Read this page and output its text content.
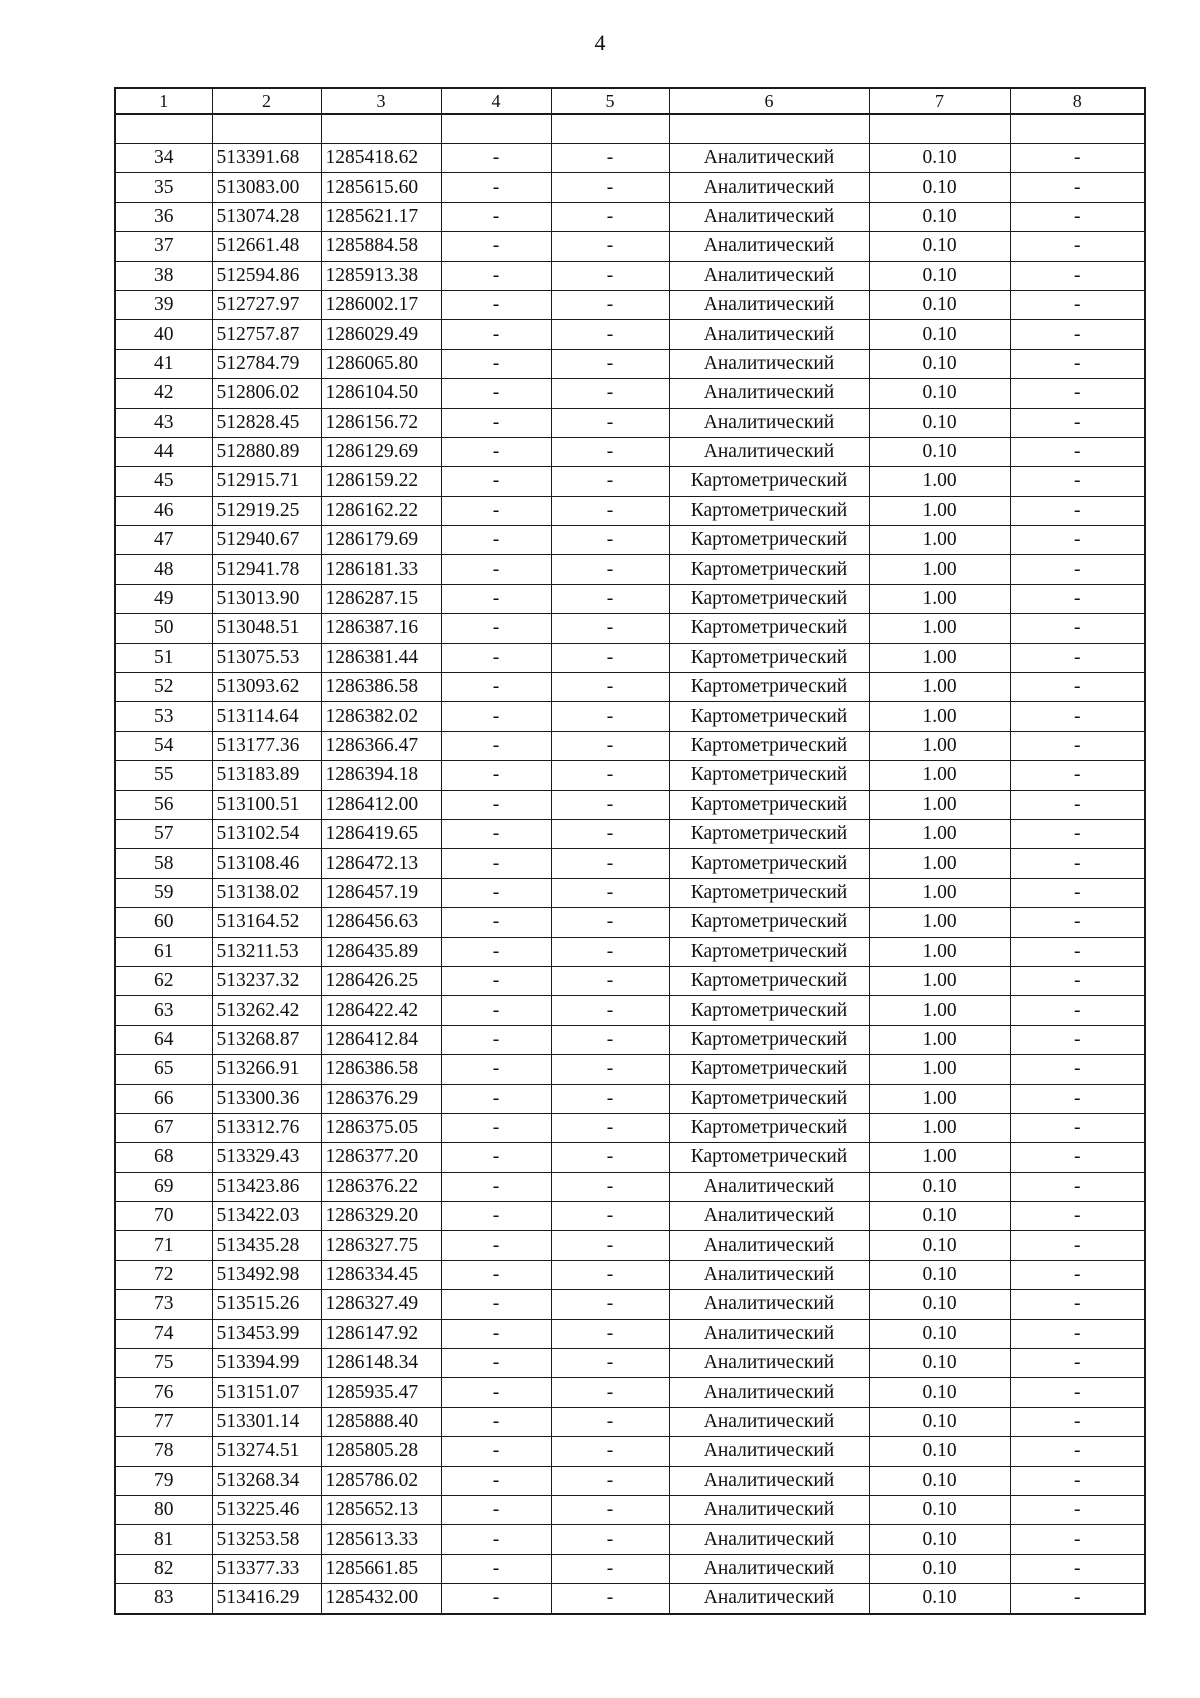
4
1	2	3	4	5	6	7	8

34	513391.68	1285418.62	-	-	Аналитический	0.10	-
35	513083.00	1285615.60	-	-	Аналитический	0.10	-
36	513074.28	1285621.17	-	-	Аналитический	0.10	-
37	512661.48	1285884.58	-	-	Аналитический	0.10	-
38	512594.86	1285913.38	-	-	Аналитический	0.10	-
39	512727.97	1286002.17	-	-	Аналитический	0.10	-
40	512757.87	1286029.49	-	-	Аналитический	0.10	-
41	512784.79	1286065.80	-	-	Аналитический	0.10	-
42	512806.02	1286104.50	-	-	Аналитический	0.10	-
43	512828.45	1286156.72	-	-	Аналитический	0.10	-
44	512880.89	1286129.69	-	-	Аналитический	0.10	-
45	512915.71	1286159.22	-	-	Картометрический	1.00	-
46	512919.25	1286162.22	-	-	Картометрический	1.00	-
47	512940.67	1286179.69	-	-	Картометрический	1.00	-
48	512941.78	1286181.33	-	-	Картометрический	1.00	-
49	513013.90	1286287.15	-	-	Картометрический	1.00	-
50	513048.51	1286387.16	-	-	Картометрический	1.00	-
51	513075.53	1286381.44	-	-	Картометрический	1.00	-
52	513093.62	1286386.58	-	-	Картометрический	1.00	-
53	513114.64	1286382.02	-	-	Картометрический	1.00	-
54	513177.36	1286366.47	-	-	Картометрический	1.00	-
55	513183.89	1286394.18	-	-	Картометрический	1.00	-
56	513100.51	1286412.00	-	-	Картометрический	1.00	-
57	513102.54	1286419.65	-	-	Картометрический	1.00	-
58	513108.46	1286472.13	-	-	Картометрический	1.00	-
59	513138.02	1286457.19	-	-	Картометрический	1.00	-
60	513164.52	1286456.63	-	-	Картометрический	1.00	-
61	513211.53	1286435.89	-	-	Картометрический	1.00	-
62	513237.32	1286426.25	-	-	Картометрический	1.00	-
63	513262.42	1286422.42	-	-	Картометрический	1.00	-
64	513268.87	1286412.84	-	-	Картометрический	1.00	-
65	513266.91	1286386.58	-	-	Картометрический	1.00	-
66	513300.36	1286376.29	-	-	Картометрический	1.00	-
67	513312.76	1286375.05	-	-	Картометрический	1.00	-
68	513329.43	1286377.20	-	-	Картометрический	1.00	-
69	513423.86	1286376.22	-	-	Аналитический	0.10	-
70	513422.03	1286329.20	-	-	Аналитический	0.10	-
71	513435.28	1286327.75	-	-	Аналитический	0.10	-
72	513492.98	1286334.45	-	-	Аналитический	0.10	-
73	513515.26	1286327.49	-	-	Аналитический	0.10	-
74	513453.99	1286147.92	-	-	Аналитический	0.10	-
75	513394.99	1286148.34	-	-	Аналитический	0.10	-
76	513151.07	1285935.47	-	-	Аналитический	0.10	-
77	513301.14	1285888.40	-	-	Аналитический	0.10	-
78	513274.51	1285805.28	-	-	Аналитический	0.10	-
79	513268.34	1285786.02	-	-	Аналитический	0.10	-
80	513225.46	1285652.13	-	-	Аналитический	0.10	-
81	513253.58	1285613.33	-	-	Аналитический	0.10	-
82	513377.33	1285661.85	-	-	Аналитический	0.10	-
83	513416.29	1285432.00	-	-	Аналитический	0.10	-
